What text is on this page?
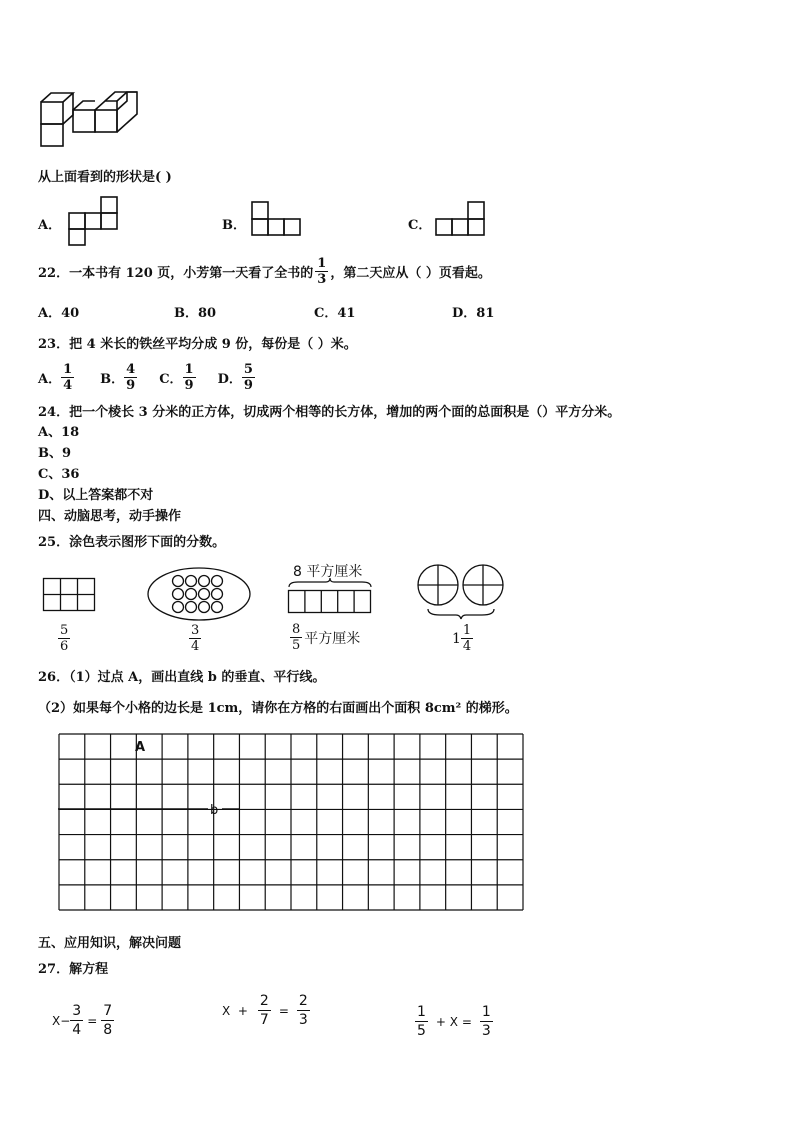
从上面看到的形状是( )
A．	B．	C．
22．一本书有 120 页，小芳第一天看了全书的 $\frac{1}{3}$ ，第二天应从（ ）页看起。
A．40	B．80	C．41	D．81
23．把 4 米长的铁丝平均分成 9 份，每份是（ ）米。
A． $\frac{1}{4}$ B． $\frac{4}{9}$ C． $\frac{1}{9}$ D． $\frac{5}{9}$
24．把一个棱长 3 分米的正方体，切成两个相等的长方体，增加的两个面的总面积是（）平方分米。
A、18
B、9
C、36
D、以上答案都不对
四、动脑思考，动手操作
25．涂色表示图形下面的分数。
$\frac{5}{6}$	$\frac{3}{4}$
8 平方厘米
$\frac{8}{5}$ 平方厘米	$1 \frac{1}{4}$
26．（1）过点 A，画出直线 b 的垂直、平行线。
（2）如果每个小格的边长是 1cm，请你在方格的右面画出个面积 8cm² 的梯形。
A
b
五、应用知识，解决问题
27．解方程
$X- \frac{3}{4} = \frac{7}{8}$	$X + \frac{2}{7} = \frac{2}{3}$	$\frac{1}{5} + X = \frac{1}{3}$
